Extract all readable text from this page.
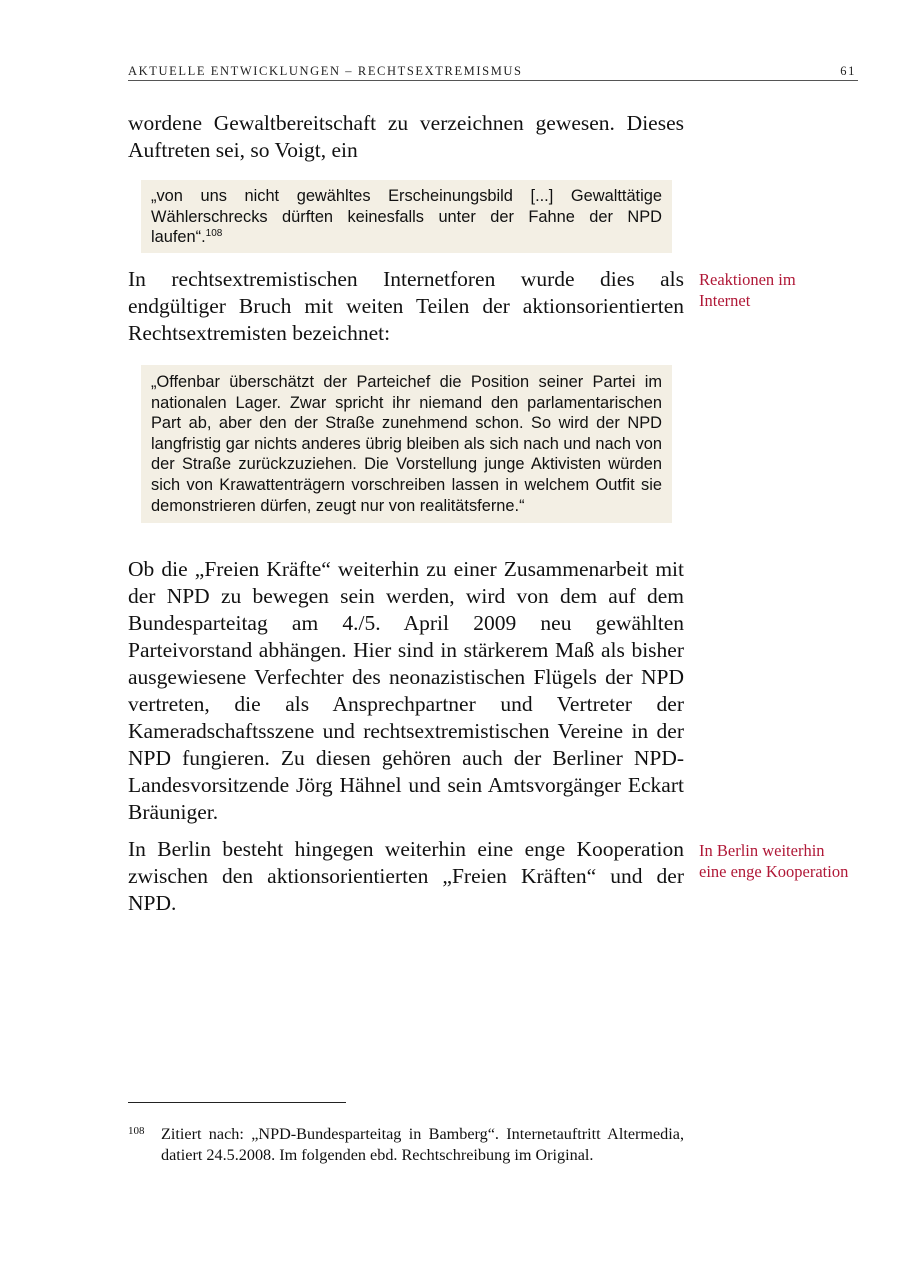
AKTUELLE ENTWICKLUNGEN – RECHTSEXTREMISMUS	61

wordene Gewaltbereitschaft zu verzeichnen gewesen. Dieses Auftreten sei, so Voigt, ein

„von uns nicht gewähltes Erscheinungsbild [...] Gewalttätige Wählerschrecks dürften keinesfalls unter der Fahne der NPD laufen“.$^{108}$

In rechtsextremistischen Internetforen wurde dies als endgültiger Bruch mit weiten Teilen der aktionsorientierten Rechtsextremisten bezeichnet:

Reaktionen im Internet
„Offenbar überschätzt der Parteichef die Position seiner Partei im nationalen Lager. Zwar spricht ihr niemand den parlamentarischen Part ab, aber den der Straße zunehmend schon. So wird der NPD langfristig gar nichts anderes übrig bleiben als sich nach und nach von der Straße zurückzuziehen. Die Vorstellung junge Aktivisten würden sich von Krawattenträgern vorschreiben lassen in welchem Outfit sie demonstrieren dürfen, zeugt nur von realitätsferne.“

Ob die „Freien Kräfte“ weiterhin zu einer Zusammenarbeit mit der NPD zu bewegen sein werden, wird von dem auf dem Bundesparteitag am 4./5. April 2009 neu gewählten Parteivorstand abhängen. Hier sind in stärkerem Maß als bisher ausgewiesene Verfechter des neonazistischen Flügels der NPD vertreten, die als Ansprechpartner und Vertreter der Kameradschaftsszene und rechtsextremistischen Vereine in der NPD fungieren. Zu diesen gehören auch der Berliner NPD-Landesvorsitzende Jörg Hähnel und sein Amtsvorgänger Eckart Bräuniger.

In Berlin besteht hingegen weiterhin eine enge Kooperation zwischen den aktionsorientierten „Freien Kräften“ und der NPD.

In Berlin weiterhin eine enge Kooperation
108 Zitiert nach: „NPD-Bundesparteitag in Bamberg“. Internetauftritt Altermedia, datiert 24.5.2008. Im folgenden ebd. Rechtschreibung im Original.
